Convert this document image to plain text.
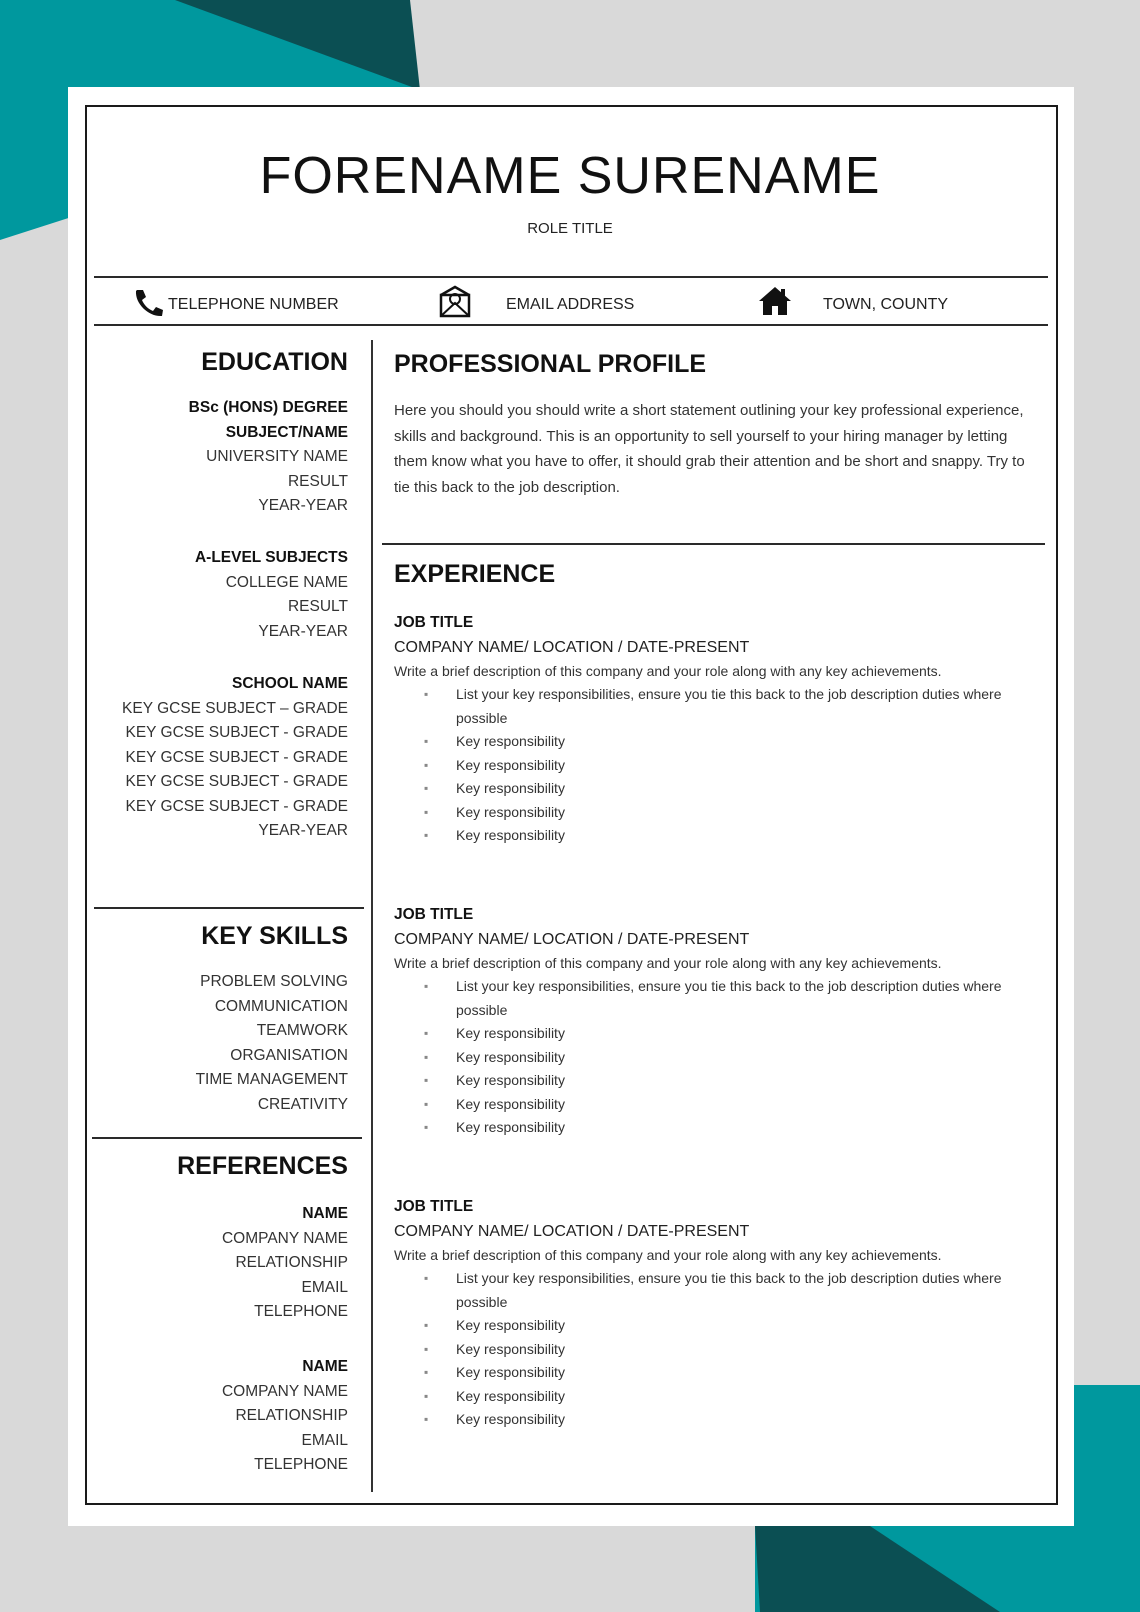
FORENAME SURENAME
ROLE TITLE
TELEPHONE NUMBER	EMAIL ADDRESS	TOWN, COUNTY
EDUCATION
BSc (HONS) DEGREE
SUBJECT/NAME
UNIVERSITY NAME
RESULT
YEAR-YEAR
A-LEVEL SUBJECTS
COLLEGE NAME
RESULT
YEAR-YEAR
SCHOOL NAME
KEY GCSE SUBJECT – GRADE
KEY GCSE SUBJECT - GRADE
KEY GCSE SUBJECT - GRADE
KEY GCSE SUBJECT - GRADE
KEY GCSE SUBJECT - GRADE
YEAR-YEAR
KEY SKILLS
PROBLEM SOLVING
COMMUNICATION
TEAMWORK
ORGANISATION
TIME MANAGEMENT
CREATIVITY
REFERENCES
NAME
COMPANY NAME
RELATIONSHIP
EMAIL
TELEPHONE
NAME
COMPANY NAME
RELATIONSHIP
EMAIL
TELEPHONE
PROFESSIONAL PROFILE
Here you should you should write a short statement outlining your key professional experience, skills and background. This is an opportunity to sell yourself to your hiring manager by letting them know what you have to offer, it should grab their attention and be short and snappy. Try to tie this back to the job description.
EXPERIENCE
JOB TITLE
COMPANY NAME/ LOCATION / DATE-PRESENT
Write a brief description of this company and your role along with any key achievements.
▪ List your key responsibilities, ensure you tie this back to the job description duties where possible
▪ Key responsibility
▪ Key responsibility
▪ Key responsibility
▪ Key responsibility
▪ Key responsibility
JOB TITLE
COMPANY NAME/ LOCATION / DATE-PRESENT
Write a brief description of this company and your role along with any key achievements.
▪ List your key responsibilities, ensure you tie this back to the job description duties where possible
▪ Key responsibility
▪ Key responsibility
▪ Key responsibility
▪ Key responsibility
▪ Key responsibility
JOB TITLE
COMPANY NAME/ LOCATION / DATE-PRESENT
Write a brief description of this company and your role along with any key achievements.
▪ List your key responsibilities, ensure you tie this back to the job description duties where possible
▪ Key responsibility
▪ Key responsibility
▪ Key responsibility
▪ Key responsibility
▪ Key responsibility
